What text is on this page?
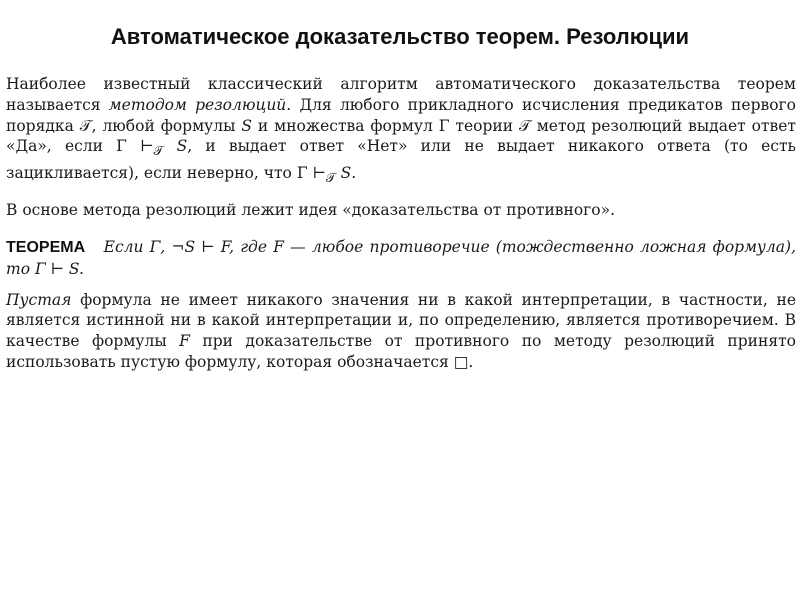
Автоматическое доказательство теорем. Резолюции

Наиболее известный классический алгоритм автоматического доказательства теорем называется методом резолюций. Для любого прикладного исчисления предикатов первого порядка 𝒯, любой формулы S и множества формул Γ теории 𝒯 метод резолюций выдает ответ «Да», если Γ $⊢_𝒯$ S, и выдает ответ «Нет» или не выдает никакого ответа (то есть зацикливается), если неверно, что Γ $⊢_𝒯$ S.

В основе метода резолюций лежит идея «доказательства от противного».

ТЕОРЕМА Если Γ, ¬S ⊢ F, где F — любое противоречие (тождественно ложная формула), то Γ ⊢ S.

Пустая формула не имеет никакого значения ни в какой интерпретации, в частности, не является истинной ни в какой интерпретации и, по определению, является противоречием. В качестве формулы F при доказательстве от противного по методу резолюций принято использовать пустую формулу, которая обозначается □.
